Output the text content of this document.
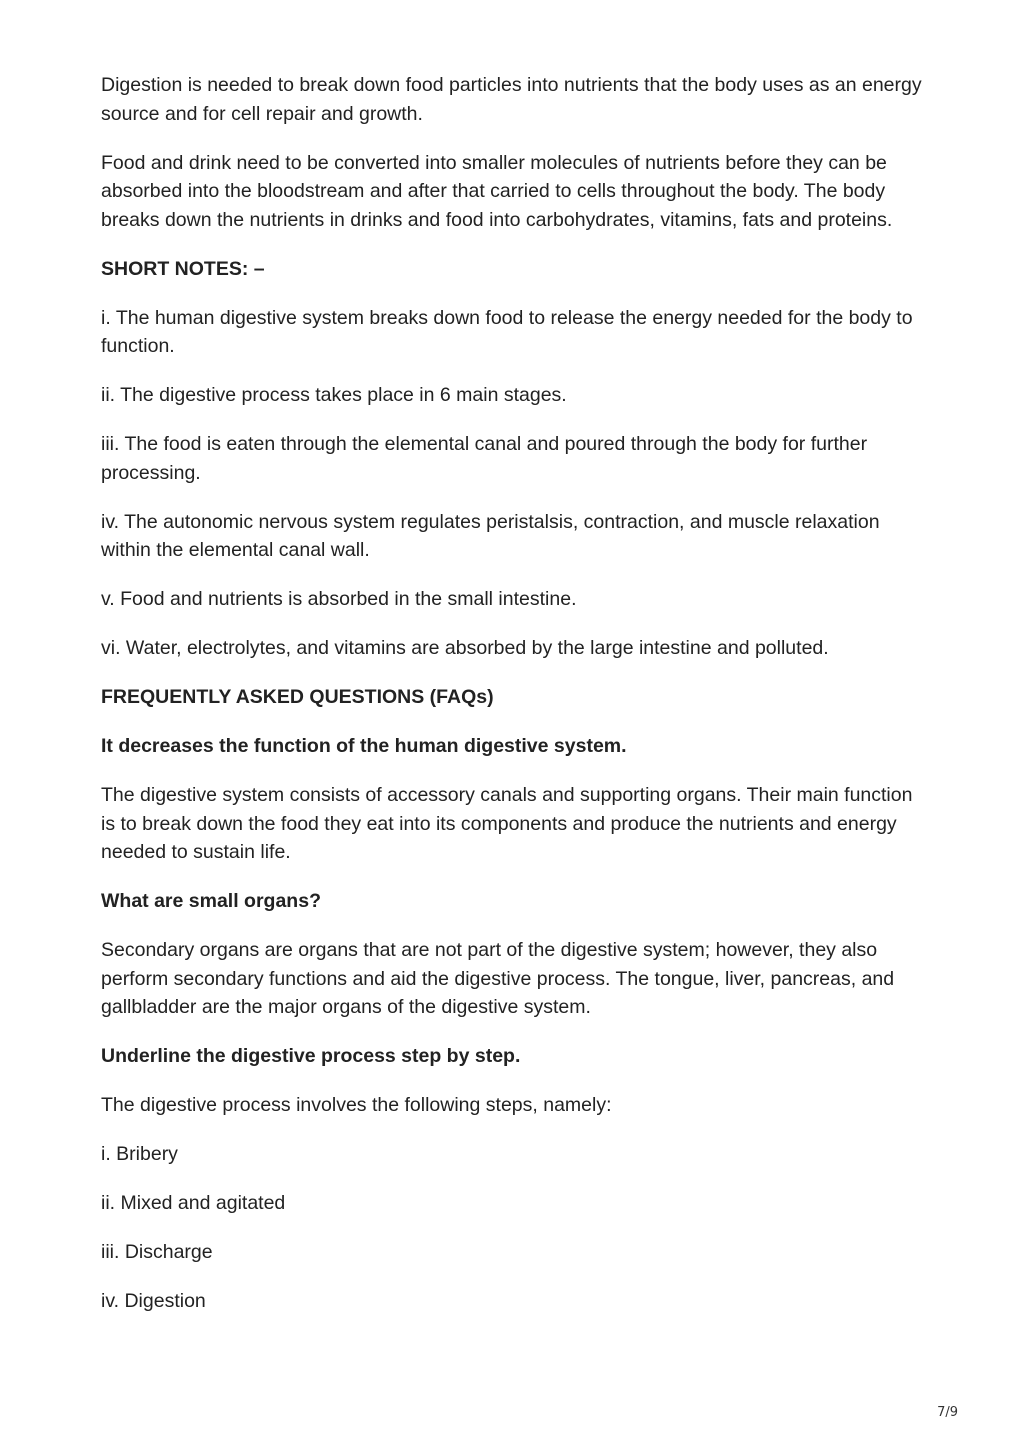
Digestion is needed to break down food particles into nutrients that the body uses as an energy source and for cell repair and growth.

Food and drink need to be converted into smaller molecules of nutrients before they can be absorbed into the bloodstream and after that carried to cells throughout the body. The body breaks down the nutrients in drinks and food into carbohydrates, vitamins, fats and proteins.

SHORT NOTES: –

i. The human digestive system breaks down food to release the energy needed for the body to function.

ii. The digestive process takes place in 6 main stages.

iii. The food is eaten through the elemental canal and poured through the body for further processing.

iv. The autonomic nervous system regulates peristalsis, contraction, and muscle relaxation within the elemental canal wall.

v. Food and nutrients is absorbed in the small intestine.

vi. Water, electrolytes, and vitamins are absorbed by the large intestine and polluted.

FREQUENTLY ASKED QUESTIONS (FAQs)

It decreases the function of the human digestive system.

The digestive system consists of accessory canals and supporting organs. Their main function is to break down the food they eat into its components and produce the nutrients and energy needed to sustain life.

What are small organs?

Secondary organs are organs that are not part of the digestive system; however, they also perform secondary functions and aid the digestive process. The tongue, liver, pancreas, and gallbladder are the major organs of the digestive system.

Underline the digestive process step by step.

The digestive process involves the following steps, namely:

i. Bribery

ii. Mixed and agitated

iii. Discharge

iv. Digestion

7/9
